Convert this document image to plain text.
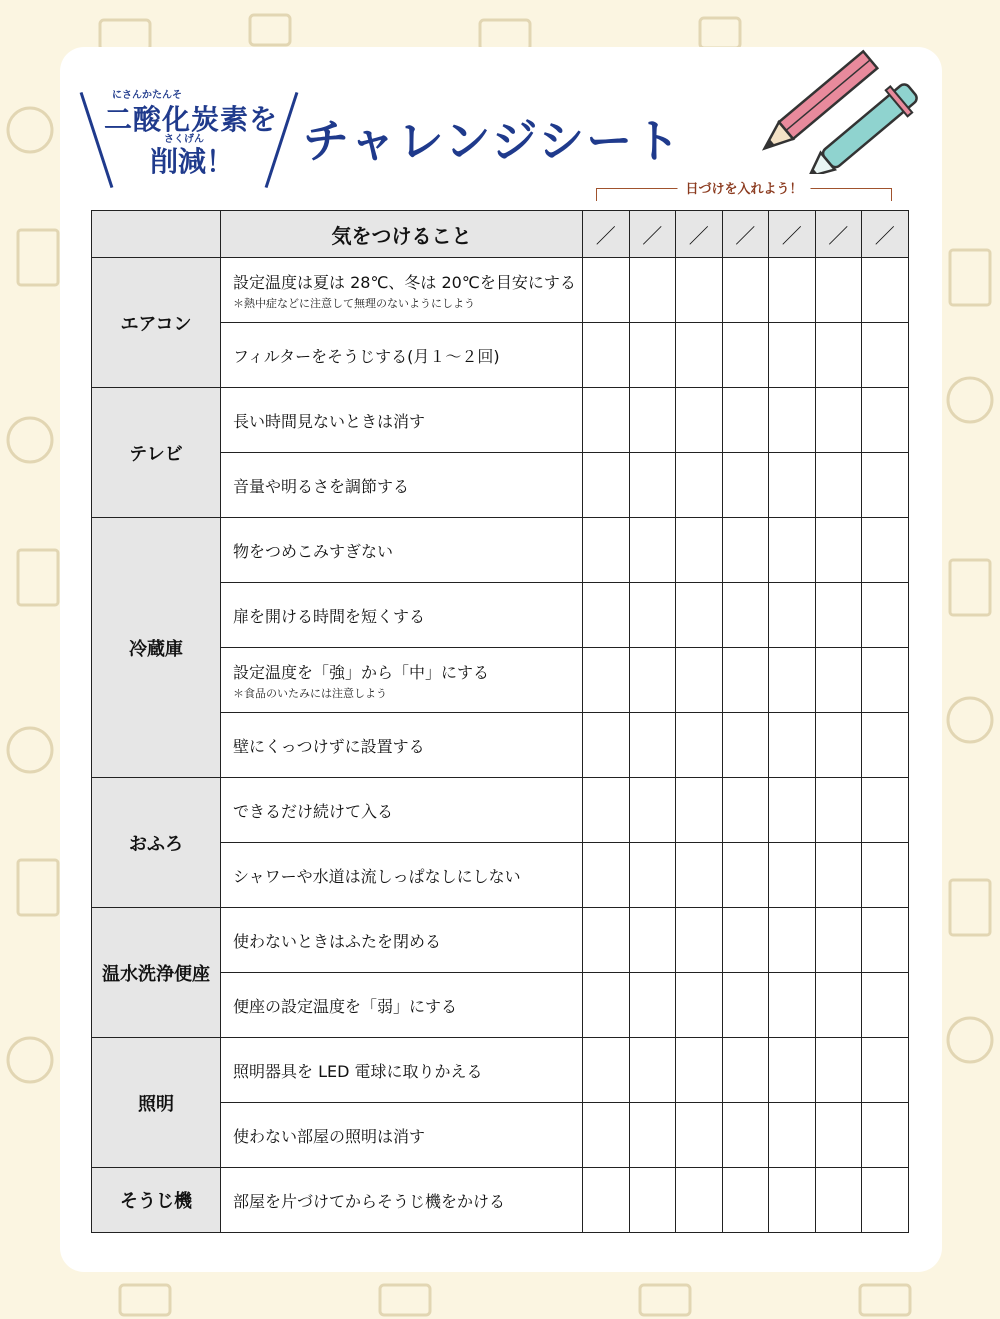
にさんかたんそ
二酸化炭素を
さくげん
削減！ チャレンジシート
日づけを入れよう！
	気をつけること	／	／	／	／	／	／	／
エアコン	設定温度は夏は 28℃、冬は 20℃を目安にする
＊熱中症などに注意して無理のないようにしよう							

	フィルターをそうじする(月１～２回)							

テレビ	長い時間見ないときは消す							

	音量や明るさを調節する							

冷蔵庫	物をつめこみすぎない							

	扉を開ける時間を短くする							

	設定温度を「強」から「中」にする
＊食品のいたみには注意しよう							

	壁にくっつけずに設置する							

おふろ	できるだけ続けて入る							

	シャワーや水道は流しっぱなしにしない							

温水洗浄便座	使わないときはふたを閉める							

	便座の設定温度を「弱」にする							

照明	照明器具を LED 電球に取りかえる							

	使わない部屋の照明は消す							

そうじ機	部屋を片づけてからそうじ機をかける							
